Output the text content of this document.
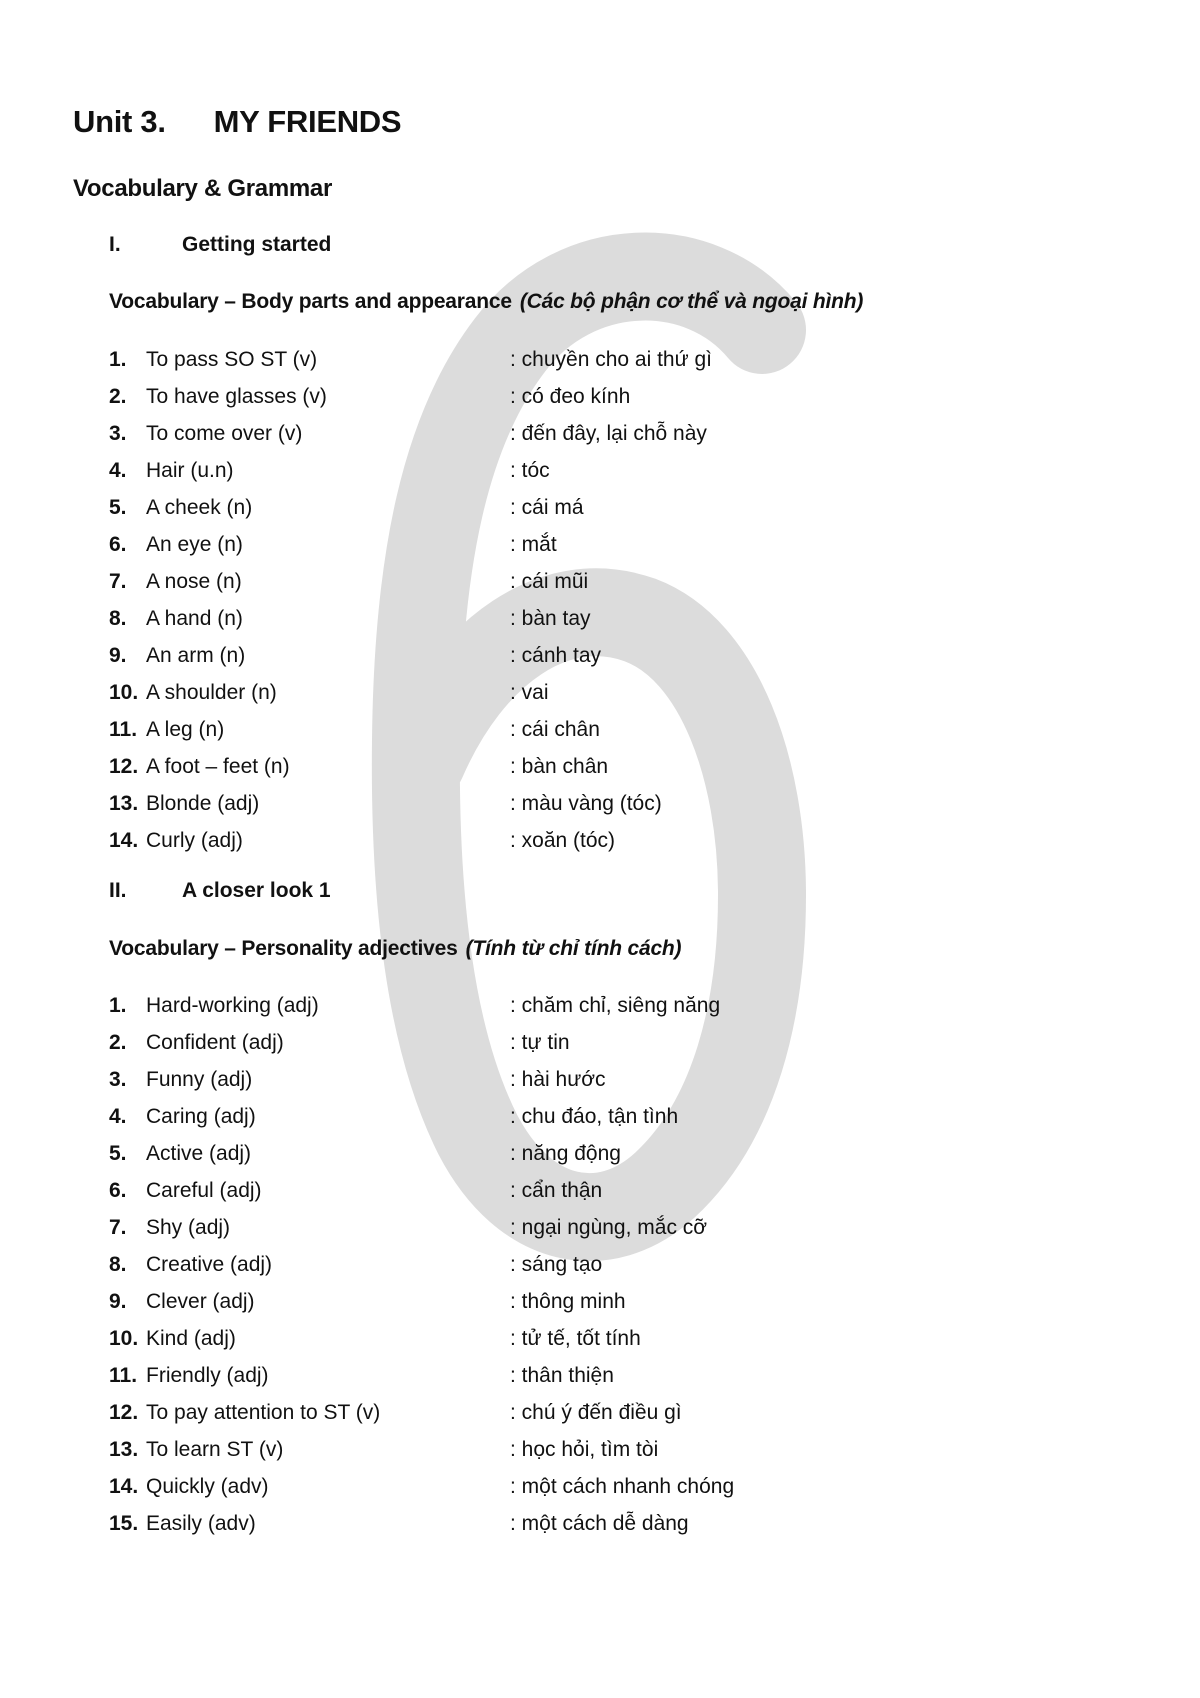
Unit 3. MY FRIENDS
Vocabulary & Grammar
I.	Getting started
Vocabulary – Body parts and appearance (Các bộ phận cơ thể và ngoại hình)
1. To pass SO ST (v)	: chuyền cho ai thứ gì
2. To have glasses (v)	: có đeo kính
3. To come over (v)	: đến đây, lại chỗ này
4. Hair (u.n)	: tóc
5. A cheek (n)	: cái má
6. An eye (n)	: mắt
7. A nose (n)	: cái mũi
8. A hand (n)	: bàn tay
9. An arm (n)	: cánh tay
10. A shoulder (n)	: vai
11. A leg (n)	: cái chân
12. A foot – feet (n)	: bàn chân
13. Blonde (adj)	: màu vàng (tóc)
14. Curly (adj)	: xoăn (tóc)
II.	A closer look 1
Vocabulary – Personality adjectives (Tính từ chỉ tính cách)
1. Hard-working (adj)	: chăm chỉ, siêng năng
2. Confident (adj)	: tự tin
3. Funny (adj)	: hài hước
4. Caring (adj)	: chu đáo, tận tình
5. Active (adj)	: năng động
6. Careful (adj)	: cẩn thận
7. Shy (adj)	: ngại ngùng, mắc cỡ
8. Creative (adj)	: sáng tạo
9. Clever (adj)	: thông minh
10. Kind (adj)	: tử tế, tốt tính
11. Friendly (adj)	: thân thiện
12. To pay attention to ST (v)	: chú ý đến điều gì
13. To learn ST (v)	: học hỏi, tìm tòi
14. Quickly (adv)	: một cách nhanh chóng
15. Easily (adv)	: một cách dễ dàng
